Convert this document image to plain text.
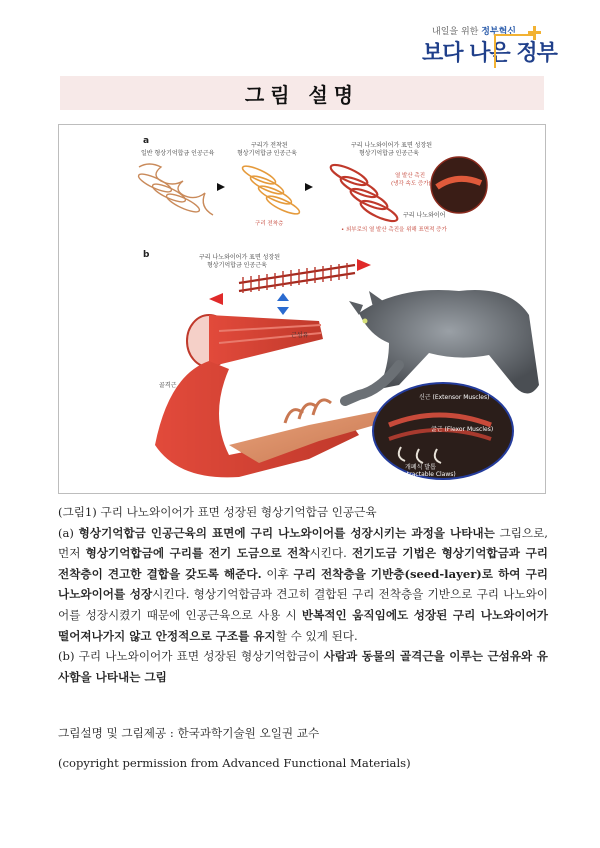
내일을 위한 정부혁신
보다 나은 정부
그림 설명
a
일반 형상기억합금 인공근육
구리가 전착된
형상기억합금 인공근육
구리 나노와이어가 표면 성장된
형상기억합금 인공근육
구리 전착층
열 발산 촉진
(냉각 속도 증가)
구리 나노와이어
• 외부로의 열 발산 촉진을 위해 표면적 증가
b	구리 나노와이어가 표면 성장된
형상기억합금 인공근육
근섬유
골격근
신근 (Extensor Muscles)
굴근 (Flexor Muscles)
개폐식 발톱
(Retractable Claws)

(그림1) 구리 나노와이어가 표면 성장된 형상기억합금 인공근육

(a) 형상기억합금 인공근육의 표면에 구리 나노와이어를 성장시키는 과정을 나타내는 그림으로, 먼저 형상기억합금에 구리를 전기 도금으로 전착시킨다. 전기도금 기법은 형상기억합금과 구리 전착층이 견고한 결합을 갖도록 해준다. 이후 구리 전착층을 기반층(seed-layer)로 하여 구리 나노와이어를 성장시킨다. 형상기억합금과 견고히 결합된 구리 전착층을 기반으로 구리 나노와이어를 성장시켰기 때문에 인공근육으로 사용 시 반복적인 움직임에도 성장된 구리 나노와이어가 떨어져나가지 않고 안정적으로 구조를 유지할 수 있게 된다.

(b) 구리 나노와이어가 표면 성장된 형상기억합금이 사람과 동물의 골격근을 이루는 근섬유와 유사함을 나타내는 그림

그림설명 및 그림제공 : 한국과학기술원 오일권 교수
(copyright permission from Advanced Functional Materials)
